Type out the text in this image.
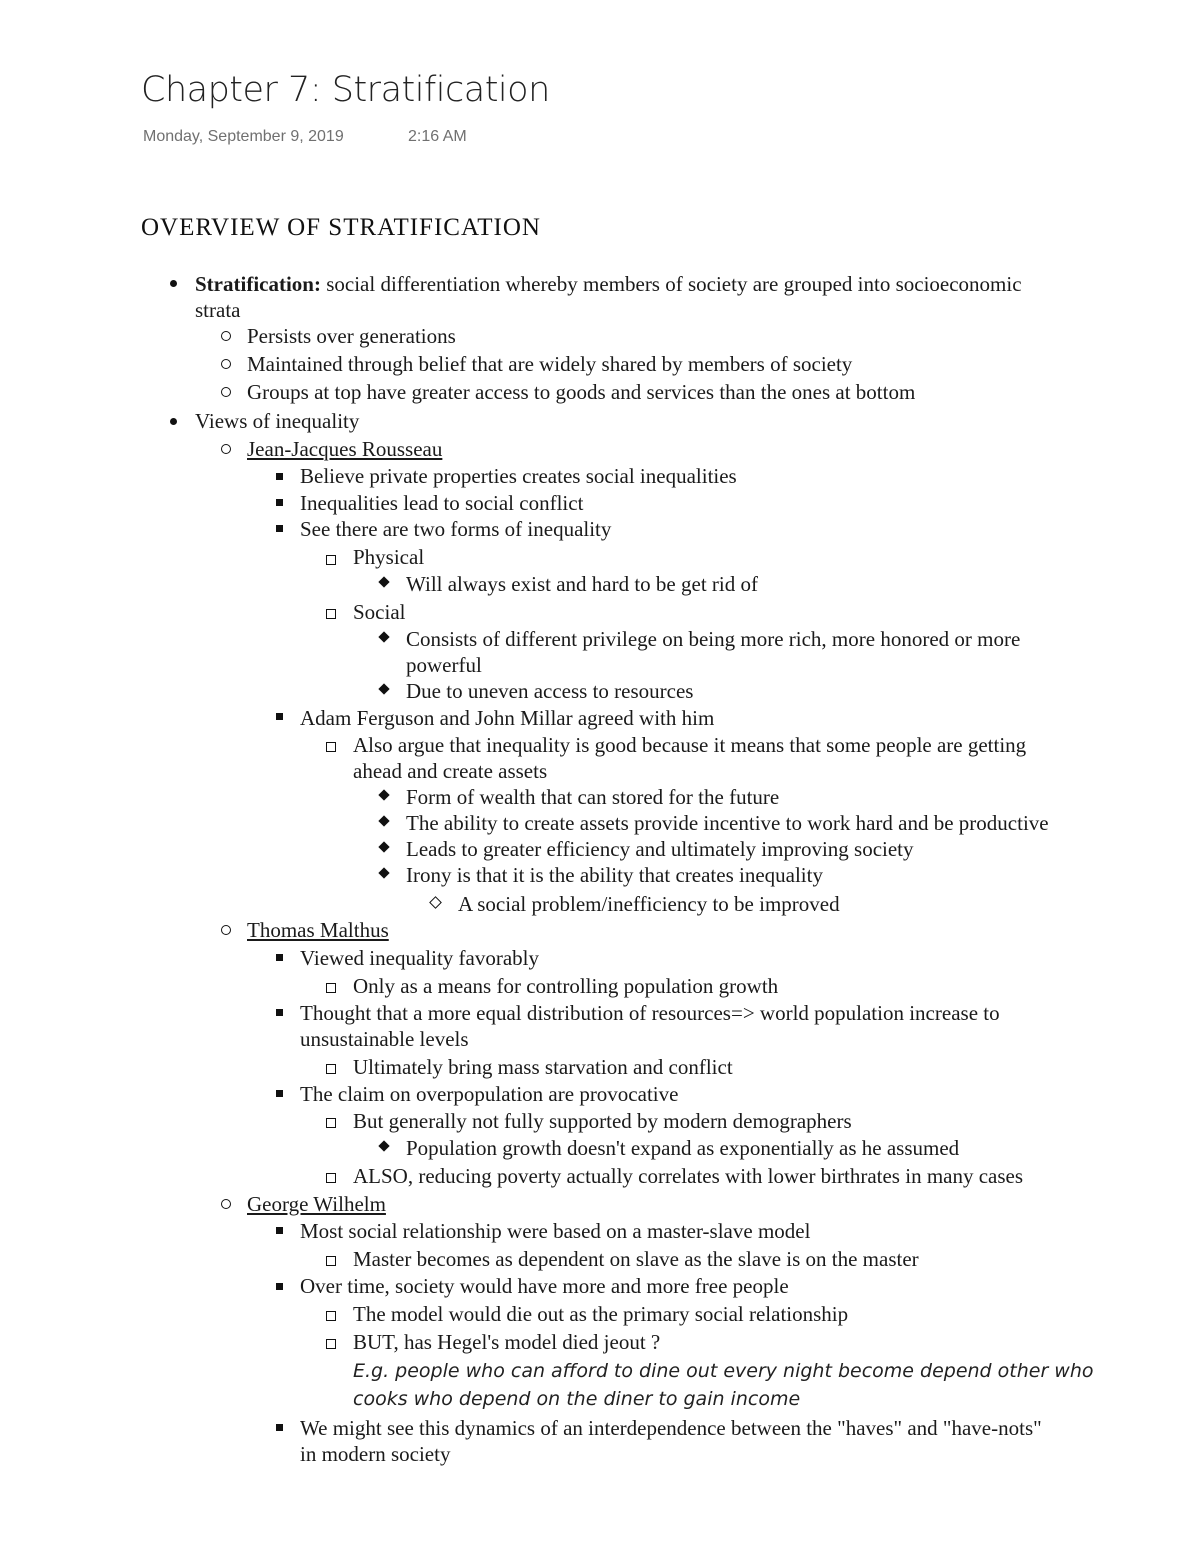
Chapter 7: Stratification
Monday, September 9, 2019	2:16 AM
OVERVIEW OF STRATIFICATION
Stratification: social differentiation whereby members of society are grouped into socioeconomic
strata
Persists over generations
Maintained through belief that are widely shared by members of society
Groups at top have greater access to goods and services than the ones at bottom
Views of inequality
Jean-Jacques Rousseau
Believe private properties creates social inequalities
Inequalities lead to social conflict
See there are two forms of inequality
Physical
Will always exist and hard to be get rid of
Social
Consists of different privilege on being more rich, more honored or more
powerful
Due to uneven access to resources
Adam Ferguson and John Millar agreed with him
Also argue that inequality is good because it means that some people are getting
ahead and create assets
Form of wealth that can stored for the future
The ability to create assets provide incentive to work hard and be productive
Leads to greater efficiency and ultimately improving society
Irony is that it is the ability that creates inequality
A social problem/inefficiency to be improved
Thomas Malthus
Viewed inequality favorably
Only as a means for controlling population growth
Thought that a more equal distribution of resources=> world population increase to
unsustainable levels
Ultimately bring mass starvation and conflict
The claim on overpopulation are provocative
But generally not fully supported by modern demographers
Population growth doesn't expand as exponentially as he assumed
ALSO, reducing poverty actually correlates with lower birthrates in many cases
George Wilhelm
Most social relationship were based on a master-slave model
Master becomes as dependent on slave as the slave is on the master
Over time, society would have more and more free people
The model would die out as the primary social relationship
BUT, has Hegel's model died jeout ?
E.g. people who can afford to dine out every night become depend other who
cooks who depend on the diner to gain income
We might see this dynamics of an interdependence between the "haves" and "have-nots"
in modern society
